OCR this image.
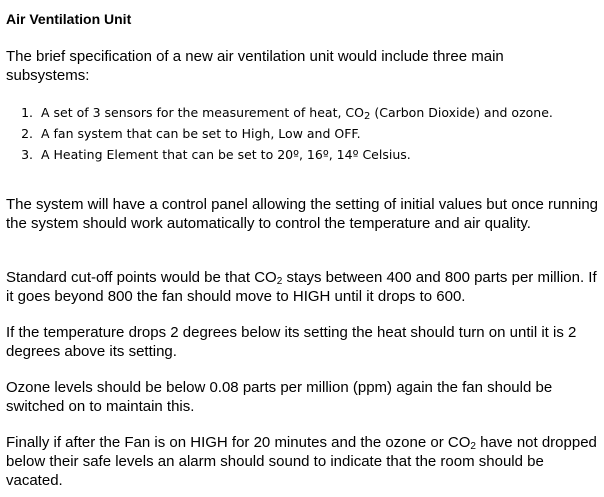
Air Ventilation Unit

The brief specification of a new air ventilation unit would include three main subsystems:

1. A set of 3 sensors for the measurement of heat, $CO_2$ (Carbon Dioxide) and ozone.
2. A fan system that can be set to High, Low and OFF.
3. A Heating Element that can be set to 20º, 16º, 14º Celsius.

The system will have a control panel allowing the setting of initial values but once running the system should work automatically to control the temperature and air quality.

Standard cut-off points would be that $CO_2$ stays between 400 and 800 parts per million. If it goes beyond 800 the fan should move to HIGH until it drops to 600.

If the temperature drops 2 degrees below its setting the heat should turn on until it is 2 degrees above its setting.

Ozone levels should be below 0.08 parts per million (ppm) again the fan should be switched on to maintain this.

Finally if after the Fan is on HIGH for 20 minutes and the ozone or $CO_2$ have not dropped below their safe levels an alarm should sound to indicate that the room should be vacated.
